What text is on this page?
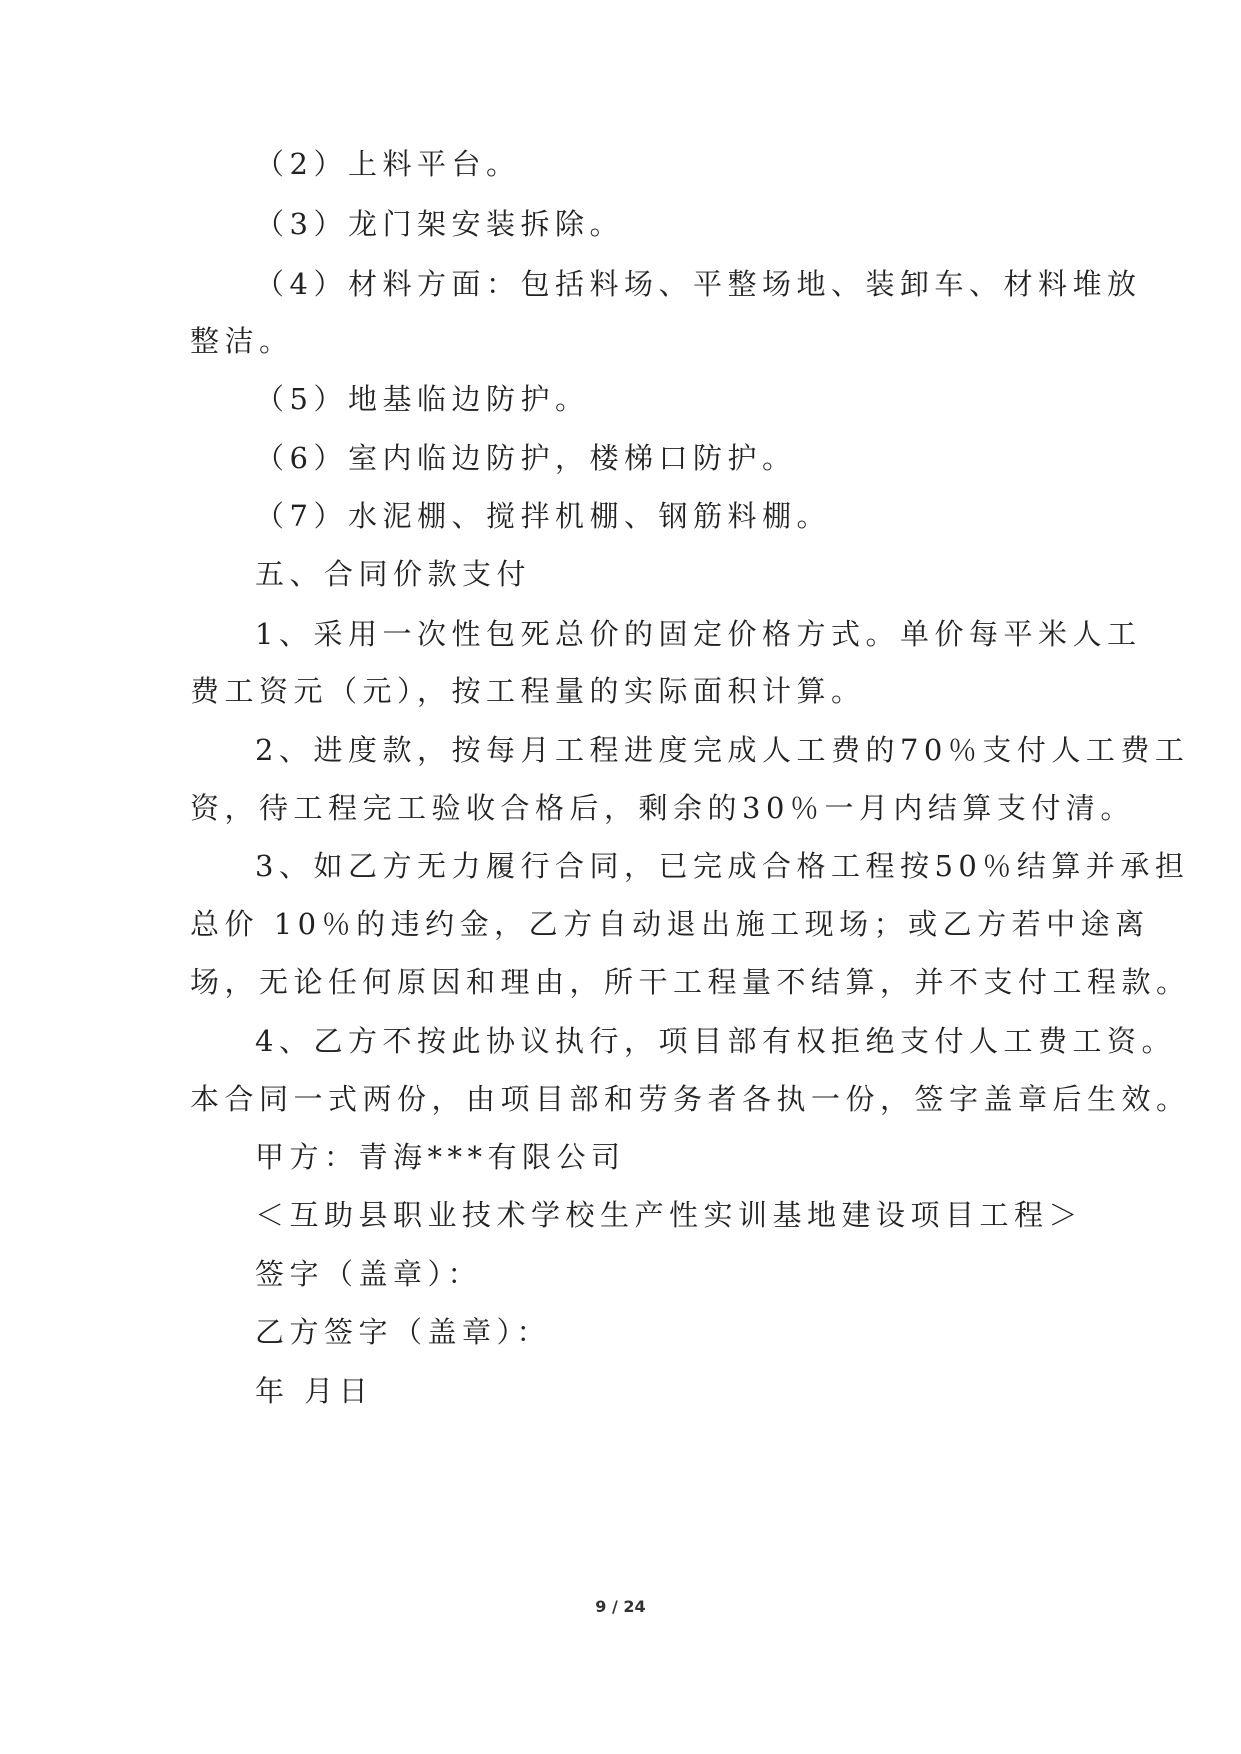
（2）上料平台。
（3）龙门架安装拆除。
（4）材料方面：包括料场、平整场地、装卸车、材料堆放
整洁。
（5）地基临边防护。
（6）室内临边防护，楼梯口防护。
（7）水泥棚、搅拌机棚、钢筋料棚。
五、合同价款支付
1、采用一次性包死总价的固定价格方式。单价每平米人工
费工资元（元），按工程量的实际面积计算。
2、进度款，按每月工程进度完成人工费的70％支付人工费工
资，待工程完工验收合格后，剩余的30％一月内结算支付清。
3、如乙方无力履行合同，已完成合格工程按50％结算并承担
总价 10％的违约金，乙方自动退出施工现场；或乙方若中途离
场，无论任何原因和理由，所干工程量不结算，并不支付工程款。
4、乙方不按此协议执行，项目部有权拒绝支付人工费工资。
本合同一式两份，由项目部和劳务者各执一份，签字盖章后生效。
甲方：青海***有限公司
＜互助县职业技术学校生产性实训基地建设项目工程＞
签字（盖章）：
乙方签字（盖章）：
年 月日
9 / 24
